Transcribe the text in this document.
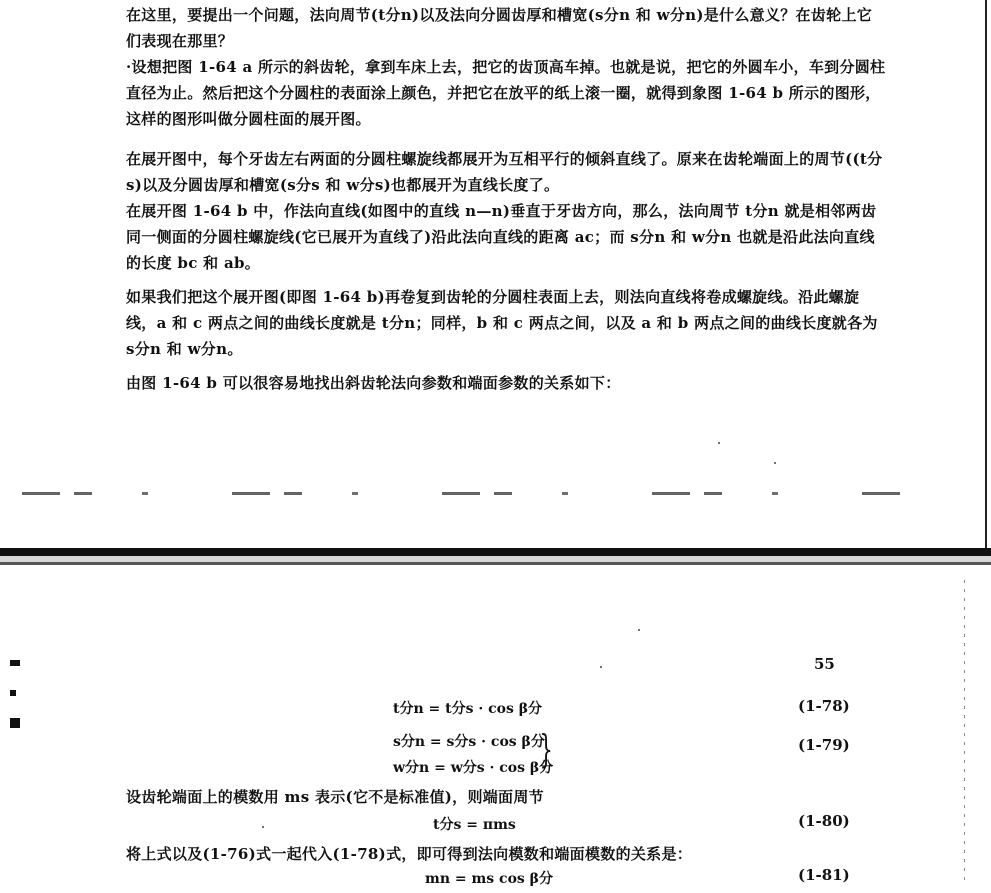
在这里，要提出一个问题，法向周节(t分n)以及法向分圆齿厚和槽宽(s分n 和 w分n)是什么意义？在齿轮上它们表现在那里？
·设想把图 1-64 a 所示的斜齿轮，拿到车床上去，把它的齿顶高车掉。也就是说，把它的外圆车小，车到分圆柱直径为止。然后把这个分圆柱的表面涂上颜色，并把它在放平的纸上滚一圈，就得到象图 1-64 b 所示的图形，这样的图形叫做分圆柱面的展开图。
在展开图中，每个牙齿左右两面的分圆柱螺旋线都展开为互相平行的倾斜直线了。原来在齿轮端面上的周节((t分s)以及分圆齿厚和槽宽(s分s 和 w分s)也都展开为直线长度了。
在展开图 1-64 b 中，作法向直线(如图中的直线 n—n)垂直于牙齿方向，那么，法向周节 t分n 就是相邻两齿同一侧面的分圆柱螺旋线(它已展开为直线了)沿此法向直线的距离 ac；而 s分n 和 w分n 也就是沿此法向直线的长度 bc 和 ab。
如果我们把这个展开图(即图 1-64 b)再卷复到齿轮的分圆柱表面上去，则法向直线将卷成螺旋线。沿此螺旋线，a 和 c 两点之间的曲线长度就是 t分n；同样，b 和 c 两点之间，以及 a 和 b 两点之间的曲线长度就各为 s分n 和 w分n。
由图 1-64 b 可以很容易地找出斜齿轮法向参数和端面参数的关系如下：
55
t分n = t分s · cos β分	(1-78)
s分n = s分s · cos β分
w分n = w分s · cos β分
}	(1-79)
设齿轮端面上的模数用 ms 表示(它不是标准值)，则端面周节
t分s = πms	(1-80)
将上式以及(1-76)式一起代入(1-78)式，即可得到法向模数和端面模数的关系是：
mn = ms cos β分	(1-81)
